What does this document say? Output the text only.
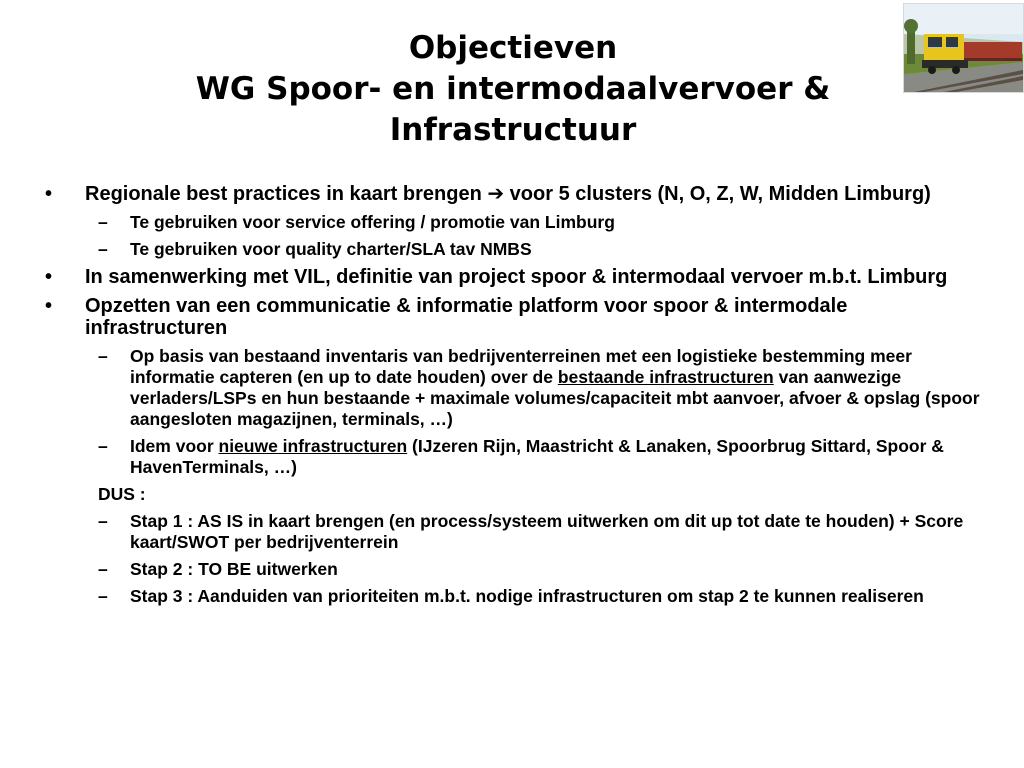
Objectieven
WG Spoor- en intermodaalvervoer &
Infrastructuur
• Regionale best practices in kaart brengen ➔ voor 5 clusters (N, O, Z, W, Midden Limburg)
– Te gebruiken voor service offering / promotie van Limburg
– Te gebruiken voor quality charter/SLA tav NMBS
• In samenwerking met VIL, definitie van project spoor & intermodaal vervoer m.b.t. Limburg
• Opzetten van een communicatie & informatie platform voor spoor & intermodale infrastructuren
– Op basis van bestaand inventaris van bedrijventerreinen met een logistieke bestemming meer informatie capteren (en up to date houden) over de bestaande infrastructuren van aanwezige verladers/LSPs en hun bestaande + maximale volumes/capaciteit mbt aanvoer, afvoer & opslag (spoor aangesloten magazijnen, terminals, …)
– Idem voor nieuwe infrastructuren (IJzeren Rijn, Maastricht & Lanaken, Spoorbrug Sittard, Spoor & HavenTerminals, …)
DUS :
– Stap 1 : AS IS in kaart brengen (en process/systeem uitwerken om dit up tot date te houden) + Score kaart/SWOT per bedrijventerrein
– Stap 2 : TO BE uitwerken
– Stap 3 : Aanduiden van prioriteiten m.b.t. nodige infrastructuren om stap 2 te kunnen realiseren
